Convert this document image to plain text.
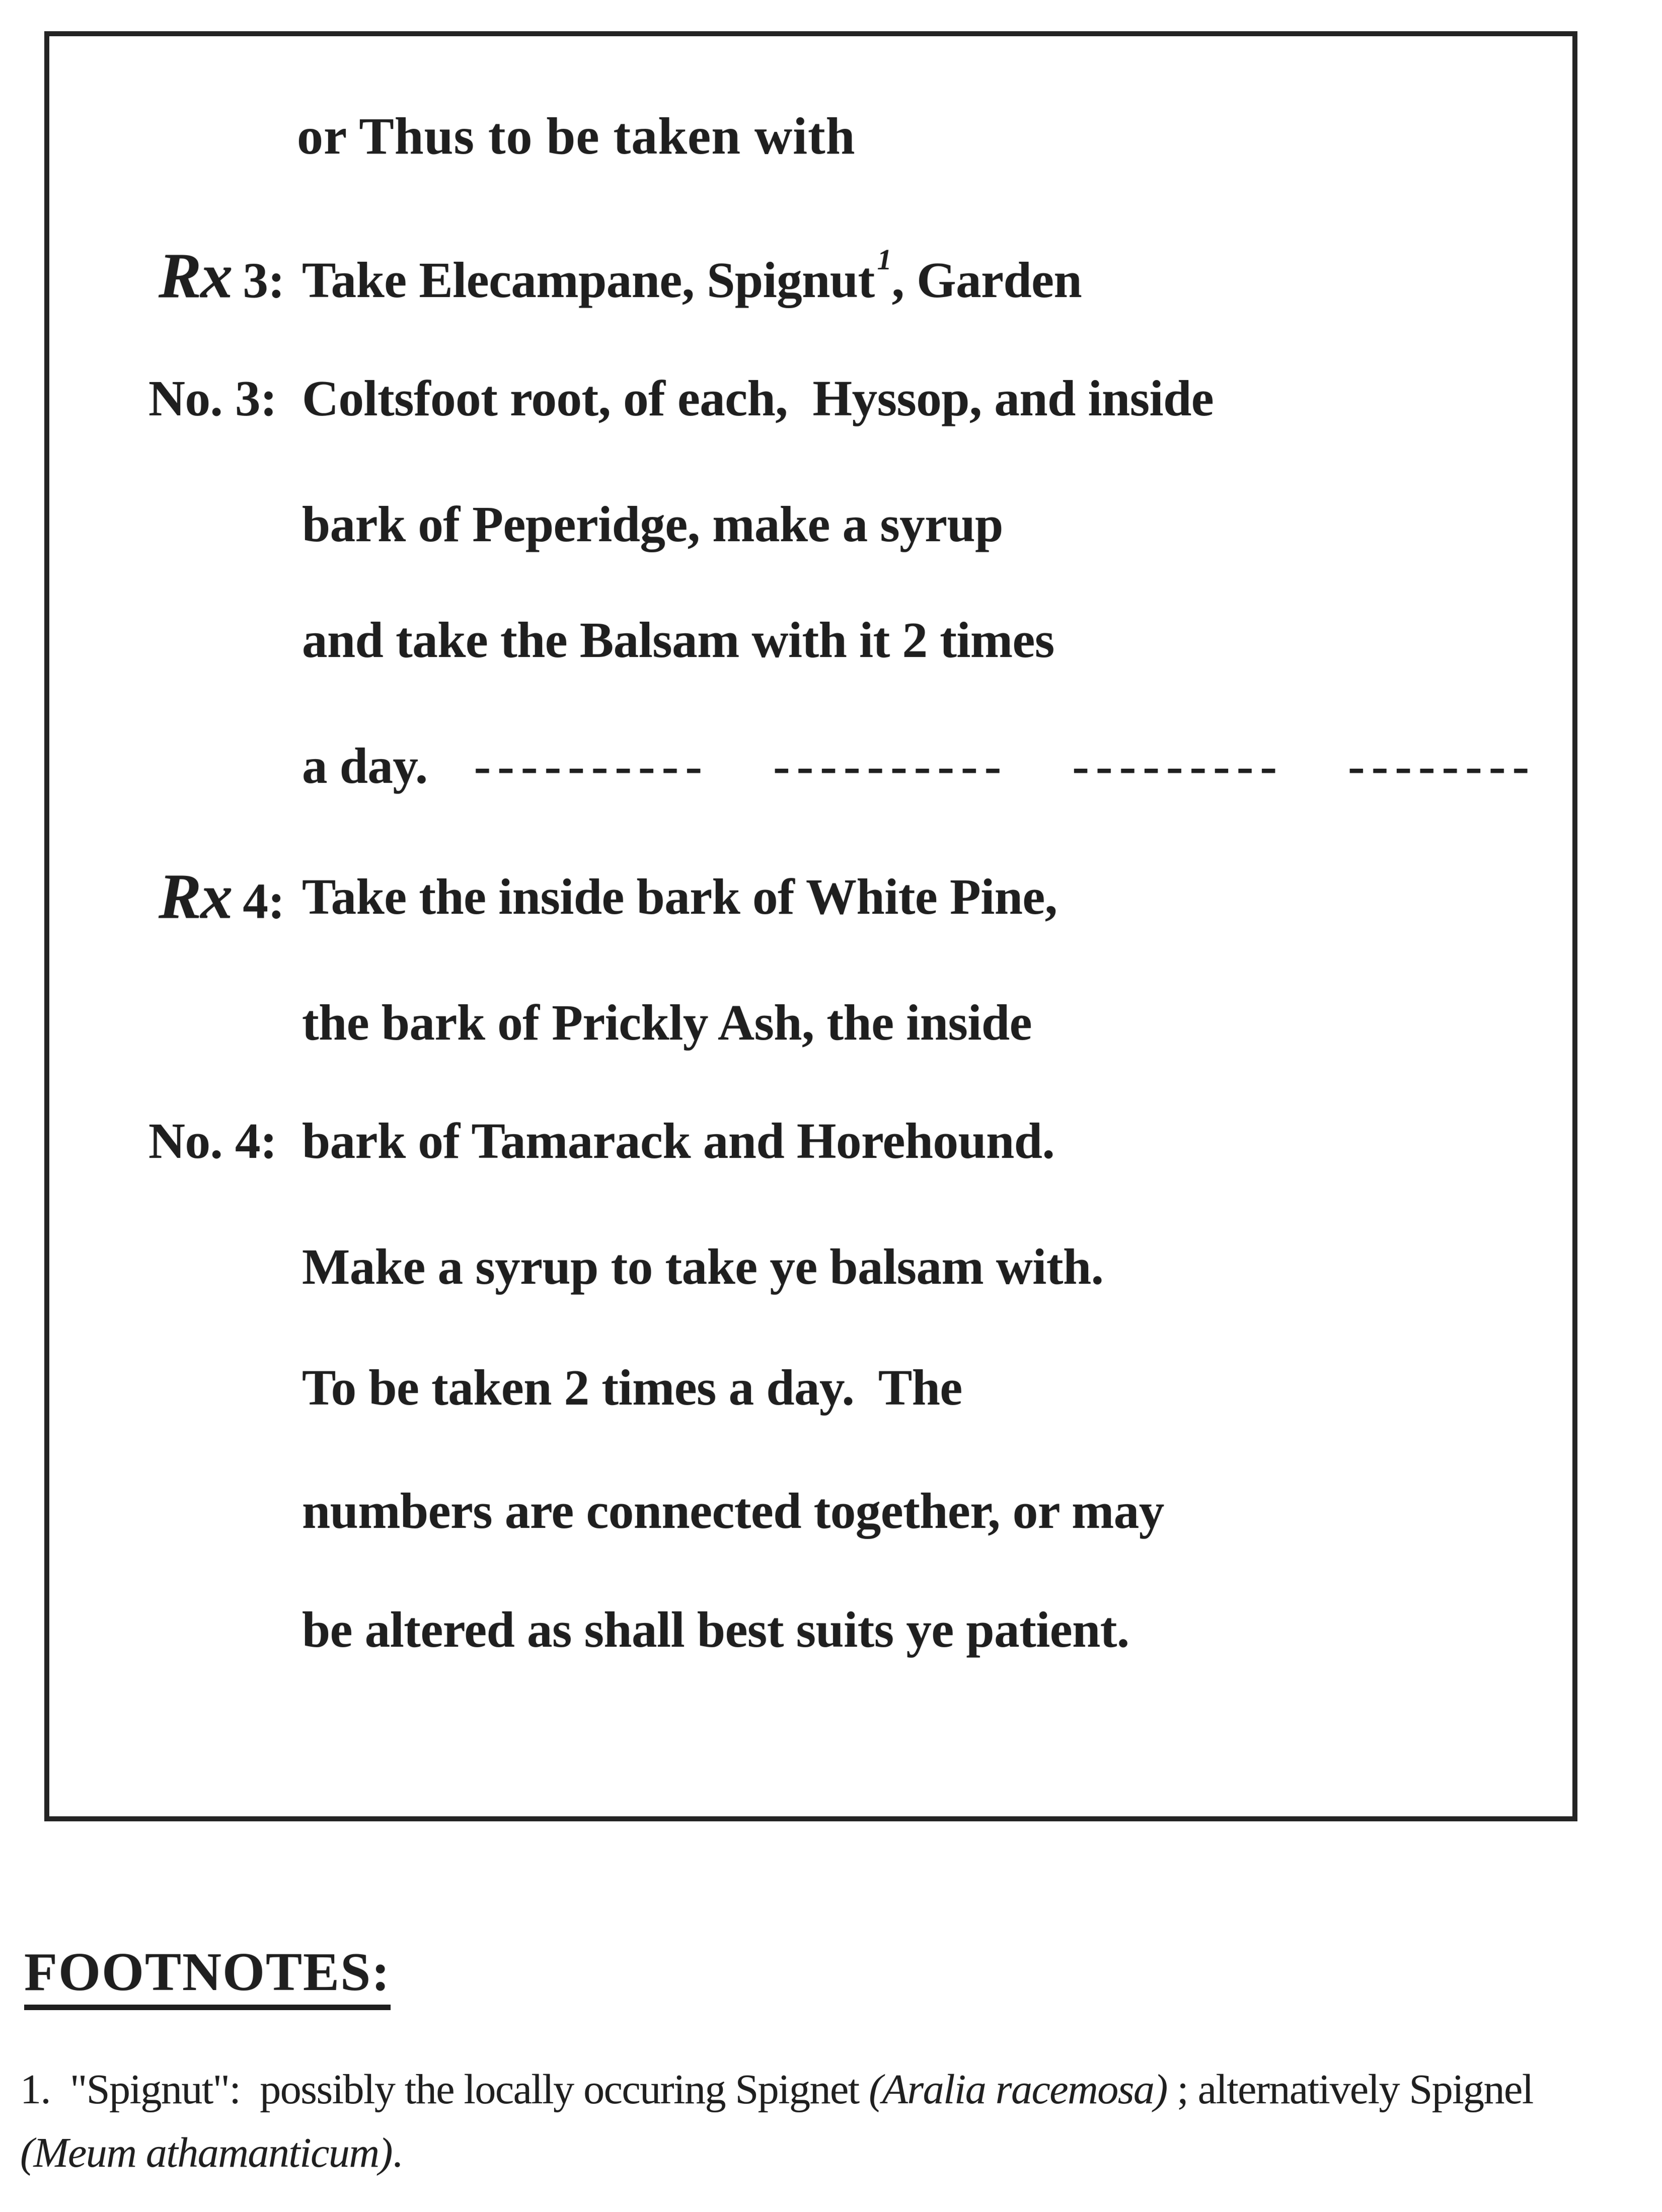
or Thus to be taken with
Rx 3: Take Elecampane, Spignut$^1$, Garden
No. 3: Coltsfoot root, of each,  Hyssop, and inside
bark of Peperidge, make a syrup
and take the Balsam with it 2 times
a day. ---------- ---------- --------- --------
Rx 4: Take the inside bark of White Pine,
the bark of Prickly Ash, the inside
No. 4: bark of Tamarack and Horehound.
Make a syrup to take ye balsam with.
To be taken 2 times a day.  The
numbers are connected together, or may
be altered as shall best suits ye patient.
FOOTNOTES:
1.  "Spignut":  possibly the locally occuring Spignet (Aralia racemosa) ; alternatively Spignel
(Meum athamanticum).
